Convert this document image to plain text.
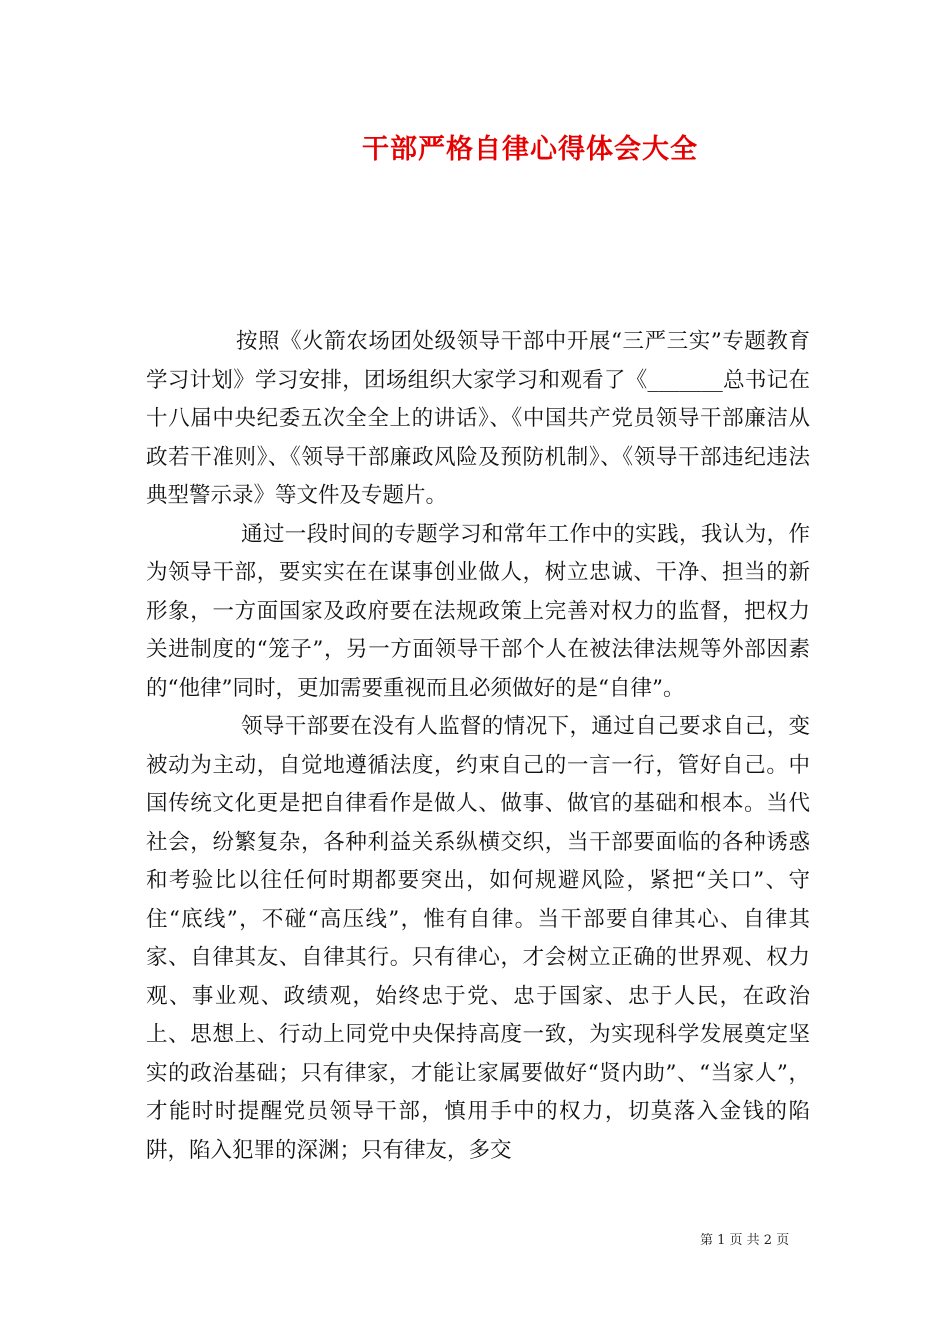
干部严格自律心得体会大全

按照《火箭农场团处级领导干部中开展“三严三实”专题教育学习计划》学习安排，团场组织大家学习和观看了《_______总书记在十八届中央纪委五次全全上的讲话》、《中国共产党员领导干部廉洁从政若干准则》、《领导干部廉政风险及预防机制》、《领导干部违纪违法典型警示录》等文件及专题片。

通过一段时间的专题学习和常年工作中的实践，我认为，作为领导干部，要实实在在谋事创业做人，树立忠诚、干净、担当的新形象，一方面国家及政府要在法规政策上完善对权力的监督，把权力关进制度的“笼子”，另一方面领导干部个人在被法律法规等外部因素的“他律”同时，更加需要重视而且必须做好的是“自律”。

领导干部要在没有人监督的情况下，通过自己要求自己，变被动为主动，自觉地遵循法度，约束自己的一言一行，管好自己。中国传统文化更是把自律看作是做人、做事、做官的基础和根本。当代社会，纷繁复杂，各种利益关系纵横交织，当干部要面临的各种诱惑和考验比以往任何时期都要突出，如何规避风险，紧把“关口”、守住“底线”，不碰“高压线”，惟有自律。当干部要自律其心、自律其家、自律其友、自律其行。只有律心，才会树立正确的世界观、权力观、事业观、政绩观，始终忠于党、忠于国家、忠于人民，在政治上、思想上、行动上同党中央保持高度一致，为实现科学发展奠定坚实的政治基础；只有律家，才能让家属要做好“贤内助”、“当家人”，才能时时提醒党员领导干部，慎用手中的权力，切莫落入金钱的陷阱，陷入犯罪的深渊；只有律友，多交

第 1 页 共 2 页
